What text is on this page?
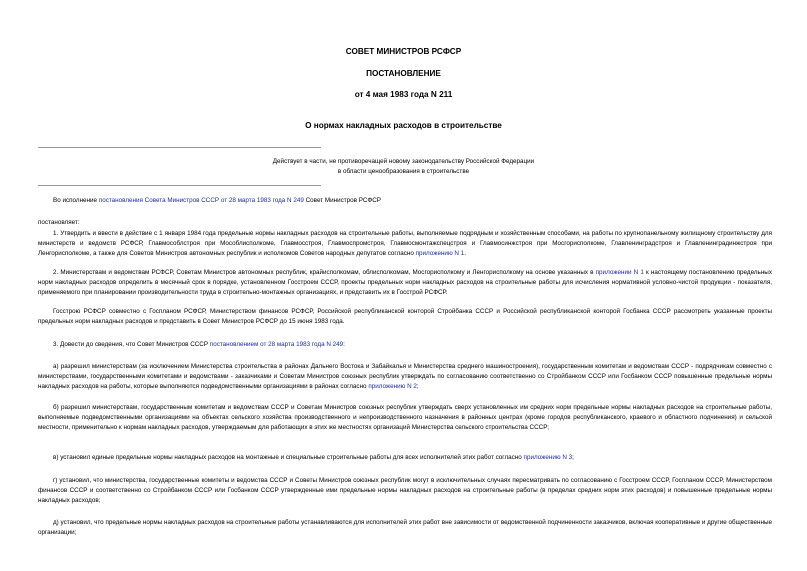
СОВЕТ МИНИСТРОВ РСФСР
ПОСТАНОВЛЕНИЕ
от 4 мая 1983 года N 211
О нормах накладных расходов в строительстве
Действует в части, не противоречащей новому законодательству Российской Федерации
в области ценообразования в строительстве
Во исполнение постановления Совета Министров СССР от 28 марта 1983 года N 249 Совет Министров РСФСР
постановляет:
1. Утвердить и ввести в действие с 1 января 1984 года предельные нормы накладных расходов на строительные работы, выполняемые подрядным и хозяйственным способами, на работы по крупнопанельному жилищному строительству для министерств и ведомств РСФСР, Главмособлстроя при Мособлисполкоме, Главмосстроя, Главмоспромстроя, Главмосмонтажспецстроя и Главмосинжстроя при Мосгорисполкоме, Главленинградстроя и Главленинградинжстроя при Ленгорисполкоме, а также для Советов Министров автономных республик и исполкомов Советов народных депутатов согласно приложению N 1.
2. Министерствам и ведомствам РСФСР, Советам Министров автономных республик, крайисполкомам, облисполкомам, Мосгорисполкому и Ленгорисполкому на основе указанных в приложении N 1 к настоящему постановлению предельных норм накладных расходов определить в месячный срок в порядке, установленном Госстроем СССР, проекты предельных норм накладных расходов на строительные работы для исчисления нормативной условно-чистой продукции - показателя, применяемого при планировании производительности труда в строительно-монтажных организациях, и представить их в Госстрой РСФСР.
Госстрою РСФСР совместно с Госпланом РСФСР, Министерством финансов РСФСР, Российской республиканской конторой Стройбанка СССР и Российской республиканской конторой Госбанка СССР рассмотреть указанные проекты предельных норм накладных расходов и представить в Совет Министров РСФСР до 15 июня 1983 года.
3. Довести до сведения, что Совет Министров СССР постановлением от 28 марта 1983 года N 249:
а) разрешил министерствам (за исключением Министерства строительства в районах Дальнего Востока и Забайкалья и Министерства среднего машиностроения), государственным комитетам и ведомствам СССР - подрядчикам совместно с министерствами, государственными комитетами и ведомствами - заказчиками и Советам Министров союзных республик утверждать по согласованию соответственно со Стройбанком СССР или Госбанком СССР повышенные предельные нормы накладных расходов на работы, которые выполняются подведомственными организациями в районах согласно приложению N 2;
б) разрешил министерствам, государственным комитетам и ведомствам СССР и Советам Министров союзных республик утверждать сверх установленных им средних норм предельные нормы накладных расходов на строительные работы, выполняемые подведомственными организациями на объектах сельского хозяйства производственного и непроизводственного назначения в районных центрах (кроме городов республиканского, краевого и областного подчинения) и сельской местности, применительно к нормам накладных расходов, утверждаемым для работающих в этих же местностях организаций Министерства сельского строительства СССР;
в) установил единые предельные нормы накладных расходов на монтажные и специальные строительные работы для всех исполнителей этих работ согласно приложению N 3;
г) установил, что министерства, государственные комитеты и ведомства СССР и Советы Министров союзных республик могут в исключительных случаях пересматривать по согласованию с Госстроем СССР, Госпланом СССР, Министерством финансов СССР и соответственно со Стройбанком СССР или Госбанком СССР утвержденные ими предельные нормы накладных расходов на строительные работы (в пределах средних норм этих расходов) и повышенные предельные нормы накладных расходов;
д) установил, что предельные нормы накладных расходов на строительные работы устанавливаются для исполнителей этих работ вне зависимости от ведомственной подчиненности заказчиков, включая кооперативные и другие общественные организации;
